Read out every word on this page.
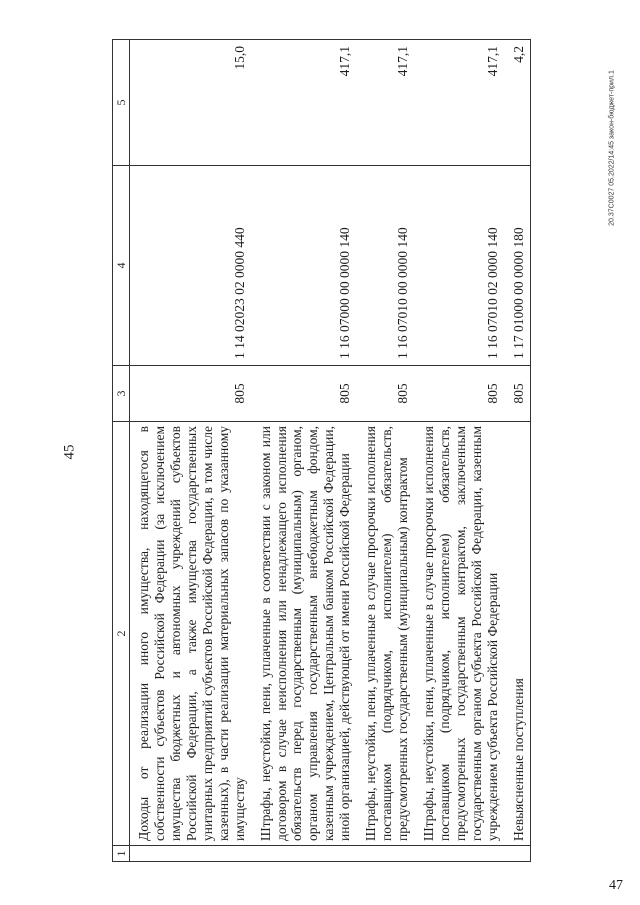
45
47
20.37C0027 05.2022/14:45 закон-бюджет-прил.1
1	2	3	4	5
	Доходы от реализации иного имущества, находящегося в собственности субъектов Российской Федерации (за исключением имущества бюджетных и автономных учреждений субъектов Российской Федерации, а также имущества государственных унитарных предприятий субъектов Российской Федерации, в том числе казенных), в части реализации материальных запасов по указанному имуществу	805	1 14 02023 02 0000 440	15,0
	Штрафы, неустойки, пени, уплаченные в соответствии с законом или договором в случае неисполнения или ненадлежащего исполнения обязательств перед государственным (муниципальным) органом, органом управления государственным внебюджетным фондом, казенным учреждением, Центральным банком Российской Федерации, иной организацией, действующей от имени Российской Федерации	805	1 16 07000 00 0000 140	417,1
	Штрафы, неустойки, пени, уплаченные в случае просрочки исполнения поставщиком (подрядчиком, исполнителем) обязательств, предусмотренных государственным (муниципальным) контрактом	805	1 16 07010 00 0000 140	417,1
	Штрафы, неустойки, пени, уплаченные в случае просрочки исполнения поставщиком (подрядчиком, исполнителем) обязательств, предусмотренных государственным контрактом, заключенным государственным органом субъекта Российской Федерации, казенным учреждением субъекта Российской Федерации	805	1 16 07010 02 0000 140	417,1
	Невыясненные поступления	805	1 17 01000 00 0000 180	4,2
